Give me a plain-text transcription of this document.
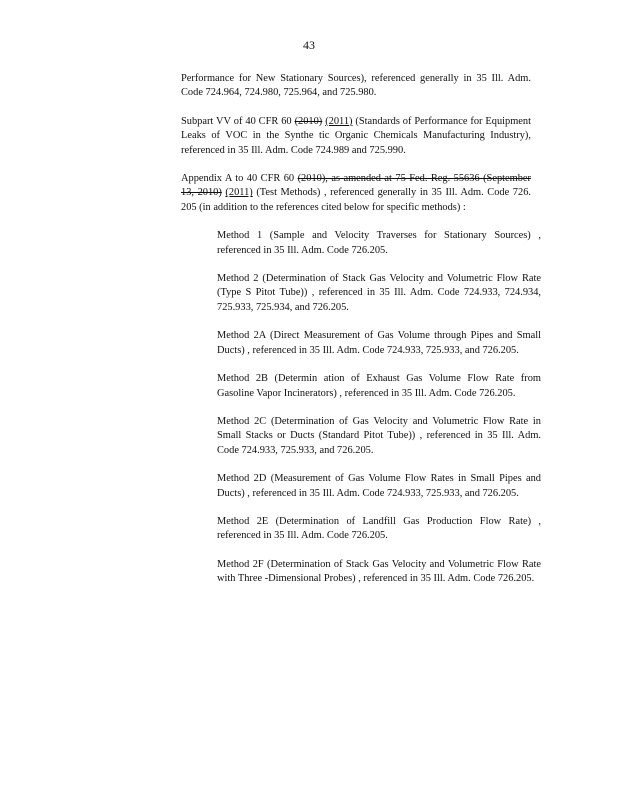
43

Performance for New Stationary Sources), referenced generally in 35 Ill. Adm. Code 724.964, 724.980, 725.964, and 725.980.

Subpart VV of 40 CFR 60 (2010) (2011) (Standards of Performance for Equipment Leaks of VOC in the Synthe tic Organic Chemicals Manufacturing Industry), referenced in 35 Ill. Adm. Code 724.989 and 725.990.

Appendix A to 40 CFR 60 (2010), as amended at 75 Fed. Reg. 55636 (September 13, 2010) (2011) (Test Methods) , referenced generally in 35 Ill. Adm. Code 726. 205 (in addition to the references cited below for specific methods) :

Method 1 (Sample and Velocity Traverses for Stationary Sources) , referenced in 35 Ill. Adm. Code 726.205.

Method 2 (Determination of Stack Gas Velocity and Volumetric Flow Rate (Type S Pitot Tube)) , referenced in 35 Ill. Adm. Code 724.933, 724.934, 725.933, 725.934, and 726.205.

Method 2A (Direct Measurement of Gas Volume through Pipes and Small Ducts) , referenced in 35 Ill. Adm. Code 724.933, 725.933, and 726.205.

Method 2B (Determin ation of Exhaust Gas Volume Flow Rate from Gasoline Vapor Incinerators) , referenced in 35 Ill. Adm. Code 726.205.

Method 2C (Determination of Gas Velocity and Volumetric Flow Rate in Small Stacks or Ducts (Standard Pitot Tube)) , referenced in 35 Ill. Adm. Code 724.933, 725.933, and 726.205.

Method 2D (Measurement of Gas Volume Flow Rates in Small Pipes and Ducts) , referenced in 35 Ill. Adm. Code 724.933, 725.933, and 726.205.

Method 2E (Determination of Landfill Gas Production Flow Rate) , referenced in 35 Ill. Adm. Code 726.205.

Method 2F (Determination of Stack Gas Velocity and Volumetric Flow Rate with Three -Dimensional Probes) , referenced in 35 Ill. Adm. Code 726.205.
